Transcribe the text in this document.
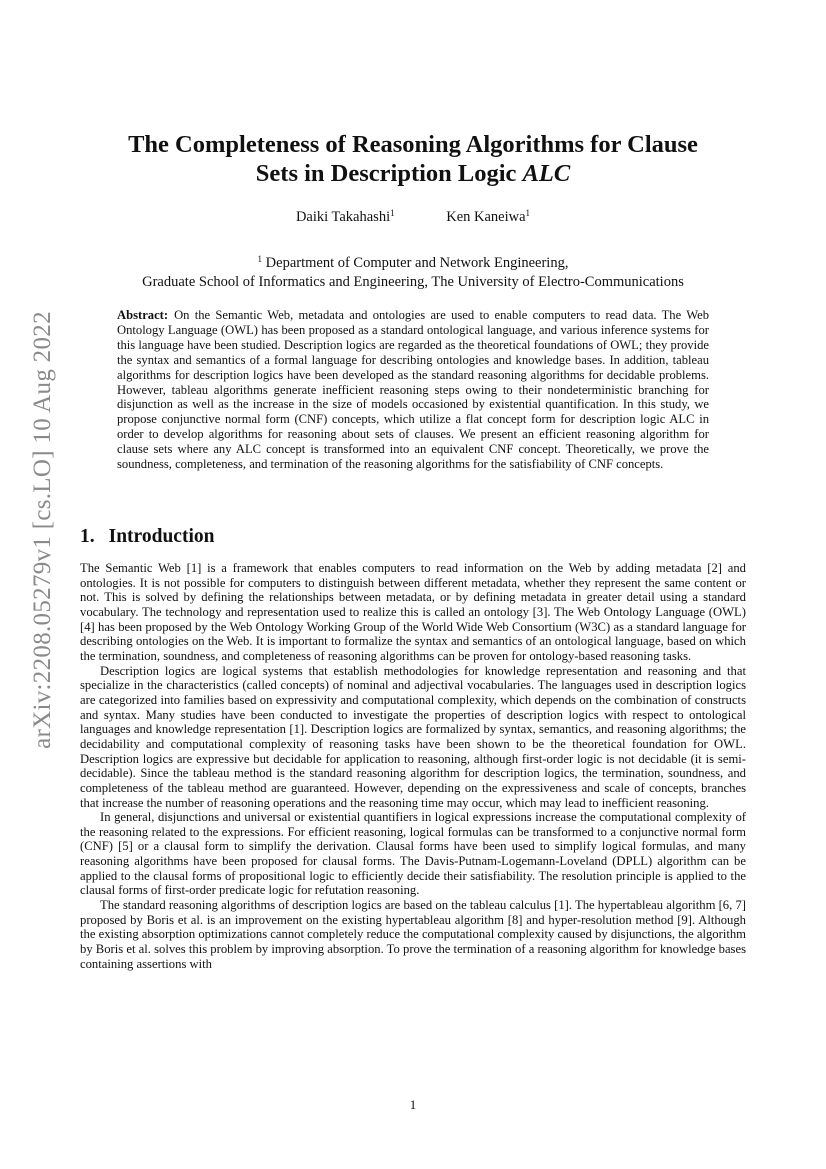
arXiv:2208.05279v1 [cs.LO] 10 Aug 2022
The Completeness of Reasoning Algorithms for Clause
Sets in Description Logic ALC
Daiki Takahashi$^1$	Ken Kaneiwa$^1$
$^1$ Department of Computer and Network Engineering,
Graduate School of Informatics and Engineering, The University of Electro-Communications
Abstract: On the Semantic Web, metadata and ontologies are used to enable computers to read data. The Web Ontology Language (OWL) has been proposed as a standard ontological language, and various inference systems for this language have been studied. Description logics are regarded as the theoretical foundations of OWL; they provide the syntax and semantics of a formal language for describing ontologies and knowledge bases. In addition, tableau algorithms for description logics have been developed as the standard reasoning algorithms for decidable problems. However, tableau algorithms generate inefficient reasoning steps owing to their nondeterministic branching for disjunction as well as the increase in the size of models occasioned by existential quantification. In this study, we propose conjunctive normal form (CNF) concepts, which utilize a flat concept form for description logic ALC in order to develop algorithms for reasoning about sets of clauses. We present an efficient reasoning algorithm for clause sets where any ALC concept is transformed into an equivalent CNF concept. Theoretically, we prove the soundness, completeness, and termination of the reasoning algorithms for the satisfiability of CNF concepts.
1. Introduction

The Semantic Web [1] is a framework that enables computers to read information on the Web by adding metadata [2] and ontologies. It is not possible for computers to distinguish between different metadata, whether they represent the same content or not. This is solved by defining the relationships between metadata, or by defining metadata in greater detail using a standard vocabulary. The technology and representation used to realize this is called an ontology [3]. The Web Ontology Language (OWL) [4] has been proposed by the Web Ontology Working Group of the World Wide Web Consortium (W3C) as a standard language for describing ontologies on the Web. It is important to formalize the syntax and semantics of an ontological language, based on which the termination, soundness, and completeness of reasoning algorithms can be proven for ontology-based reasoning tasks.

Description logics are logical systems that establish methodologies for knowledge representation and reasoning and that specialize in the characteristics (called concepts) of nominal and adjectival vocabularies. The languages used in description logics are categorized into families based on expressivity and computational complexity, which depends on the combination of constructs and syntax. Many studies have been conducted to investigate the properties of description logics with respect to ontological languages and knowledge representation [1]. Description logics are formalized by syntax, semantics, and reasoning algorithms; the decidability and computational complexity of reasoning tasks have been shown to be the theoretical foundation for OWL. Description logics are expressive but decidable for application to reasoning, although first-order logic is not decidable (it is semi-decidable). Since the tableau method is the standard reasoning algorithm for description logics, the termination, soundness, and completeness of the tableau method are guaranteed. However, depending on the expressiveness and scale of concepts, branches that increase the number of reasoning operations and the reasoning time may occur, which may lead to inefficient reasoning.

In general, disjunctions and universal or existential quantifiers in logical expressions increase the computational complexity of the reasoning related to the expressions. For efficient reasoning, logical formulas can be transformed to a conjunctive normal form (CNF) [5] or a clausal form to simplify the derivation. Clausal forms have been used to simplify logical formulas, and many reasoning algorithms have been proposed for clausal forms. The Davis-Putnam-Logemann-Loveland (DPLL) algorithm can be applied to the clausal forms of propositional logic to efficiently decide their satisfiability. The resolution principle is applied to the clausal forms of first-order predicate logic for refutation reasoning.

The standard reasoning algorithms of description logics are based on the tableau calculus [1]. The hypertableau algorithm [6, 7] proposed by Boris et al. is an improvement on the existing hypertableau algorithm [8] and hyper-resolution method [9]. Although the existing absorption optimizations cannot completely reduce the computational complexity caused by disjunctions, the algorithm by Boris et al. solves this problem by improving absorption. To prove the termination of a reasoning algorithm for knowledge bases containing assertions with

1
